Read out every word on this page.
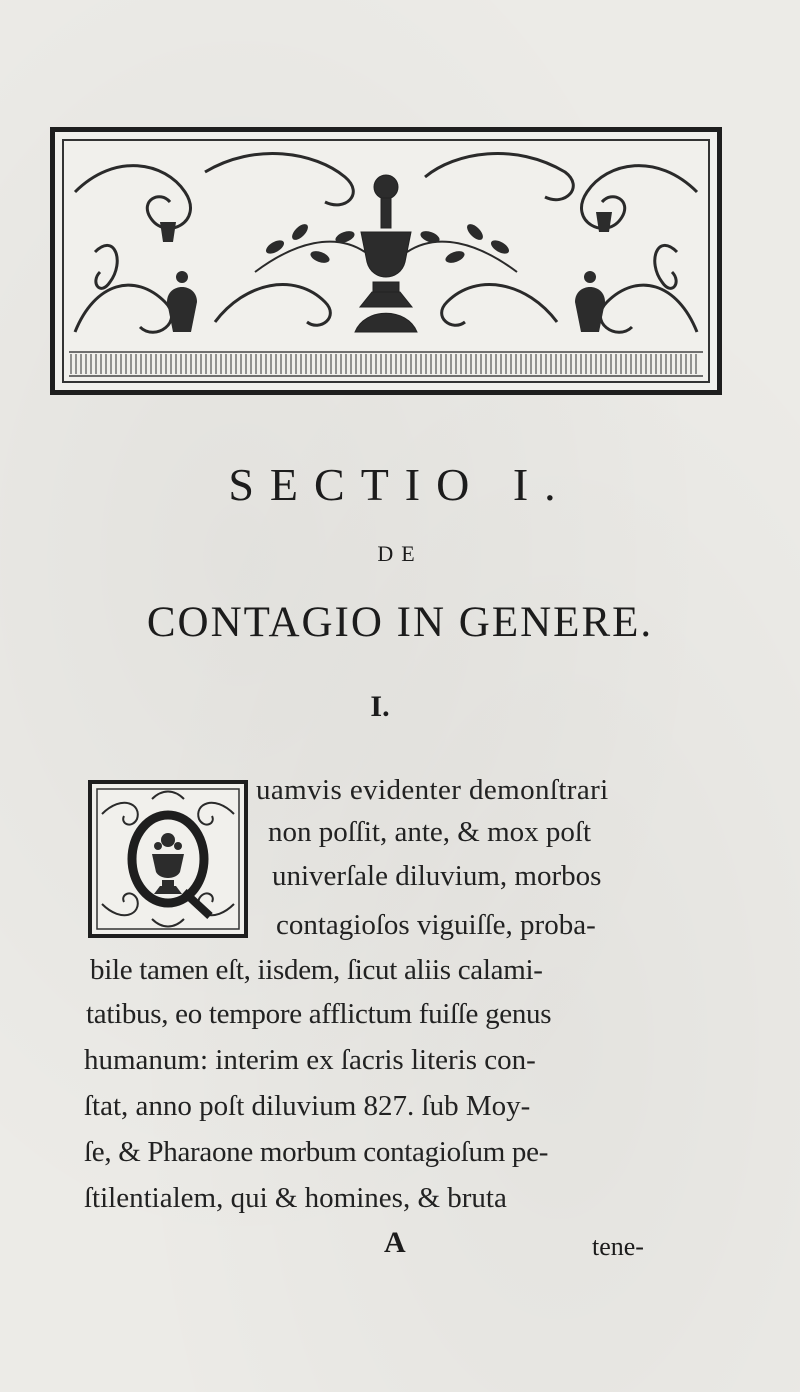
SECTIO I.
DE
CONTAGIO IN GENERE.
I.
uamvis evidenter demonſtrari
non poſſit, ante, & mox poſt
univerſale diluvium, morbos
contagioſos viguiſſe, proba-
bile tamen eſt, iisdem, ſicut aliis calami-
tatibus, eo tempore afflictum fuiſſe genus
humanum: interim ex ſacris literis con-
ſtat, anno poſt diluvium 827. ſub Moy-
ſe, & Pharaone morbum contagioſum pe-
ſtilentialem, qui & homines, & bruta
A	tene-
